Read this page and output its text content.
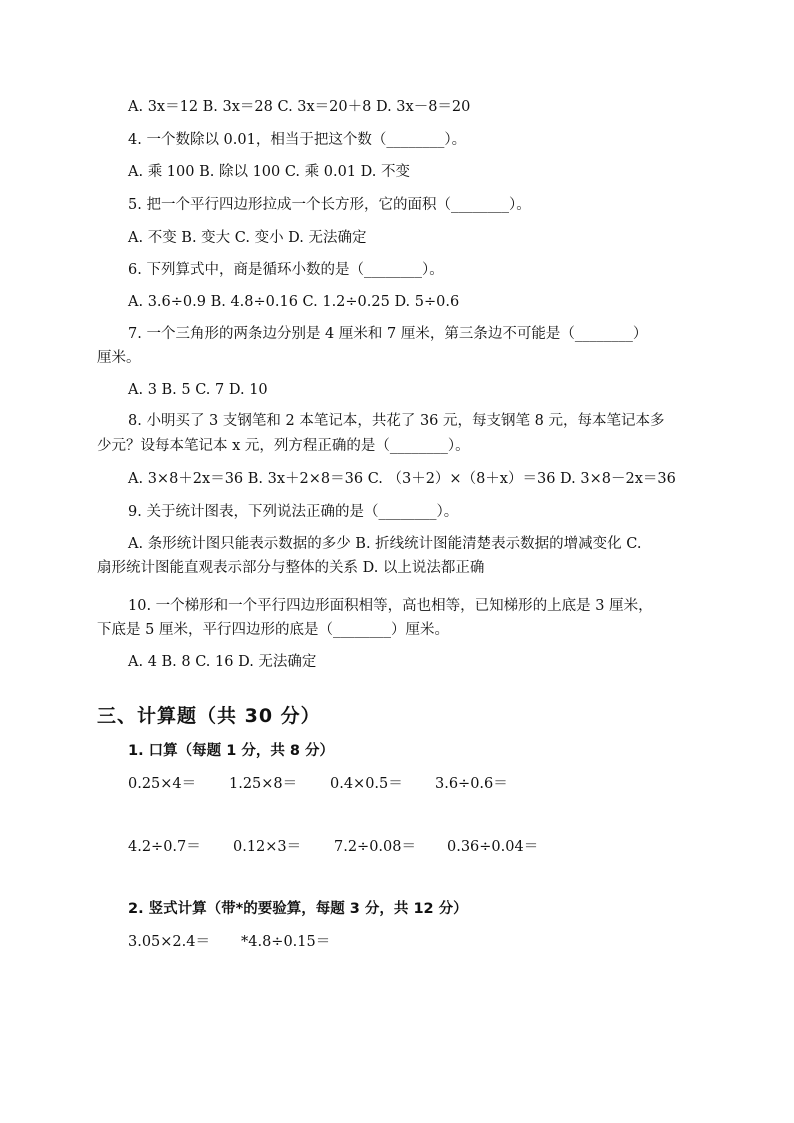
A. 3x＝12 B. 3x＝28 C. 3x＝20＋8 D. 3x－8＝20
4. 一个数除以 0.01，相当于把这个数（________）。
A. 乘 100 B. 除以 100 C. 乘 0.01 D. 不变
5. 把一个平行四边形拉成一个长方形，它的面积（________）。
A. 不变 B. 变大 C. 变小 D. 无法确定
6. 下列算式中，商是循环小数的是（________）。
A. 3.6÷0.9 B. 4.8÷0.16 C. 1.2÷0.25 D. 5÷0.6
7. 一个三角形的两条边分别是 4 厘米和 7 厘米，第三条边不可能是（________）
厘米。
A. 3 B. 5 C. 7 D. 10
8. 小明买了 3 支钢笔和 2 本笔记本，共花了 36 元，每支钢笔 8 元，每本笔记本多
少元？设每本笔记本 x 元，列方程正确的是（________）。
A. 3×8＋2x＝36 B. 3x＋2×8＝36 C. （3＋2）×（8＋x）＝36 D. 3×8－2x＝36
9. 关于统计图表，下列说法正确的是（________）。
A. 条形统计图只能表示数据的多少 B. 折线统计图能清楚表示数据的增减变化 C.
扇形统计图能直观表示部分与整体的关系 D. 以上说法都正确
10. 一个梯形和一个平行四边形面积相等，高也相等，已知梯形的上底是 3 厘米，
下底是 5 厘米，平行四边形的底是（________）厘米。
A. 4 B. 8 C. 16 D. 无法确定
三、计算题（共 30 分）
1. 口算（每题 1 分，共 8 分）
0.25×4＝ 1.25×8＝ 0.4×0.5＝ 3.6÷0.6＝
4.2÷0.7＝ 0.12×3＝ 7.2÷0.08＝ 0.36÷0.04＝
2. 竖式计算（带*的要验算，每题 3 分，共 12 分）
3.05×2.4＝ *4.8÷0.15＝
